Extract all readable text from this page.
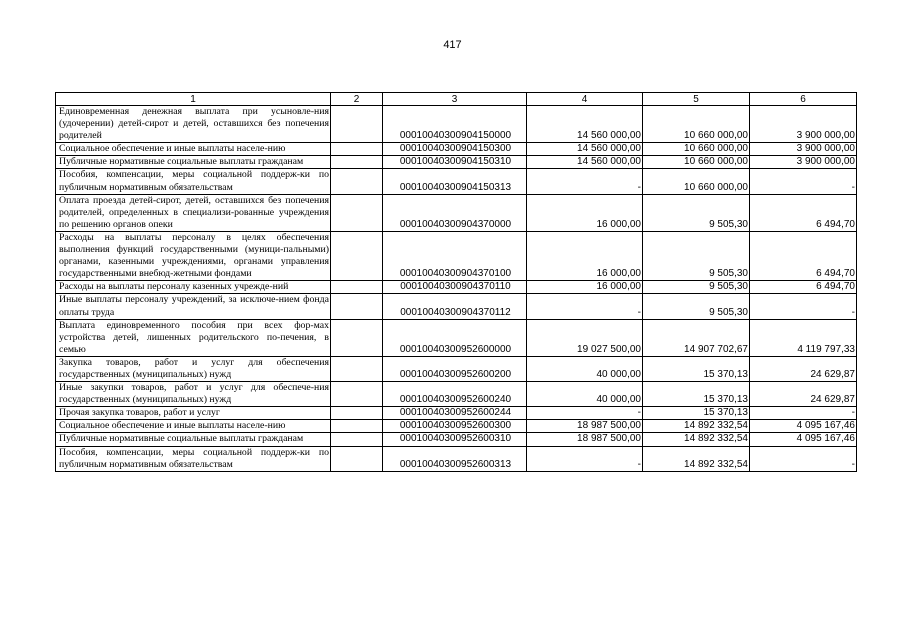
417
1	2	3	4	5	6
Единовременная денежная выплата при усыновле-ния (удочерении) детей-сирот и детей, оставшихся без попечения родителей		00010040300904150000	14 560 000,00	10 660 000,00	3 900 000,00
Социальное обеспечение и иные выплаты населе-нию		00010040300904150300	14 560 000,00	10 660 000,00	3 900 000,00
Публичные нормативные социальные выплаты гражданам		00010040300904150310	14 560 000,00	10 660 000,00	3 900 000,00
Пособия, компенсации, меры социальной поддерж-ки по публичным нормативным обязательствам		00010040300904150313	-	10 660 000,00	-
Оплата проезда детей-сирот, детей, оставшихся без попечения родителей, определенных в специализи-рованные учреждения по решению органов опеки		00010040300904370000	16 000,00	9 505,30	6 494,70
Расходы на выплаты персоналу в целях обеспечения выполнения функций государственными (муници-пальными) органами, казенными учреждениями, органами управления государственными внебюд-жетными фондами		00010040300904370100	16 000,00	9 505,30	6 494,70
Расходы на выплаты персоналу казенных учрежде-ний		00010040300904370110	16 000,00	9 505,30	6 494,70
Иные выплаты персоналу учреждений, за исключе-нием фонда оплаты труда		00010040300904370112	-	9 505,30	-
Выплата единовременного пособия при всех фор-мах устройства детей, лишенных родительского по-печения, в семью		00010040300952600000	19 027 500,00	14 907 702,67	4 119 797,33
Закупка товаров, работ и услуг для обеспечения государственных (муниципальных) нужд		00010040300952600200	40 000,00	15 370,13	24 629,87
Иные закупки товаров, работ и услуг для обеспече-ния государственных (муниципальных) нужд		00010040300952600240	40 000,00	15 370,13	24 629,87
Прочая закупка товаров, работ и услуг		00010040300952600244	-	15 370,13	-
Социальное обеспечение и иные выплаты населе-нию		00010040300952600300	18 987 500,00	14 892 332,54	4 095 167,46
Публичные нормативные социальные выплаты гражданам		00010040300952600310	18 987 500,00	14 892 332,54	4 095 167,46
Пособия, компенсации, меры социальной поддерж-ки по публичным нормативным обязательствам		00010040300952600313	-	14 892 332,54	-
